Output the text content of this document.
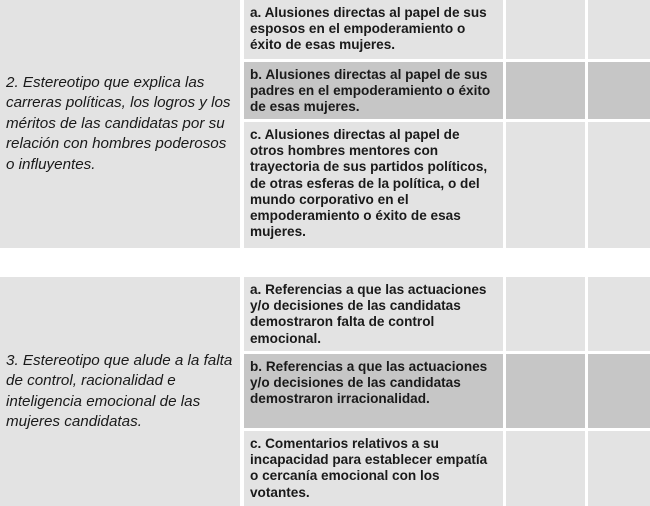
2. Estereotipo que explica las carreras políticas, los logros y los méritos de las candidatas por su relación con hombres poderosos o influyentes.
a. Alusiones directas al papel de sus esposos en el empoderamiento o éxito de esas mujeres.
b. Alusiones directas al papel de sus padres en el empoderamiento o éxito de esas mujeres.
c. Alusiones directas al papel de otros hombres mentores con trayectoria de sus partidos políticos, de otras esferas de la política, o del mundo corporativo en el empoderamiento o éxito de esas mujeres.
3. Estereotipo que alude a la falta de control, racionalidad e inteligencia emocional de las mujeres candidatas.
a. Referencias a que las actuaciones y/o decisiones de las candidatas demostraron falta de control emocional.
b. Referencias a que las actuaciones y/o decisiones de las candidatas demostraron irracionalidad.
c. Comentarios relativos a su incapacidad para establecer empatía o cercanía emocional con los votantes.
